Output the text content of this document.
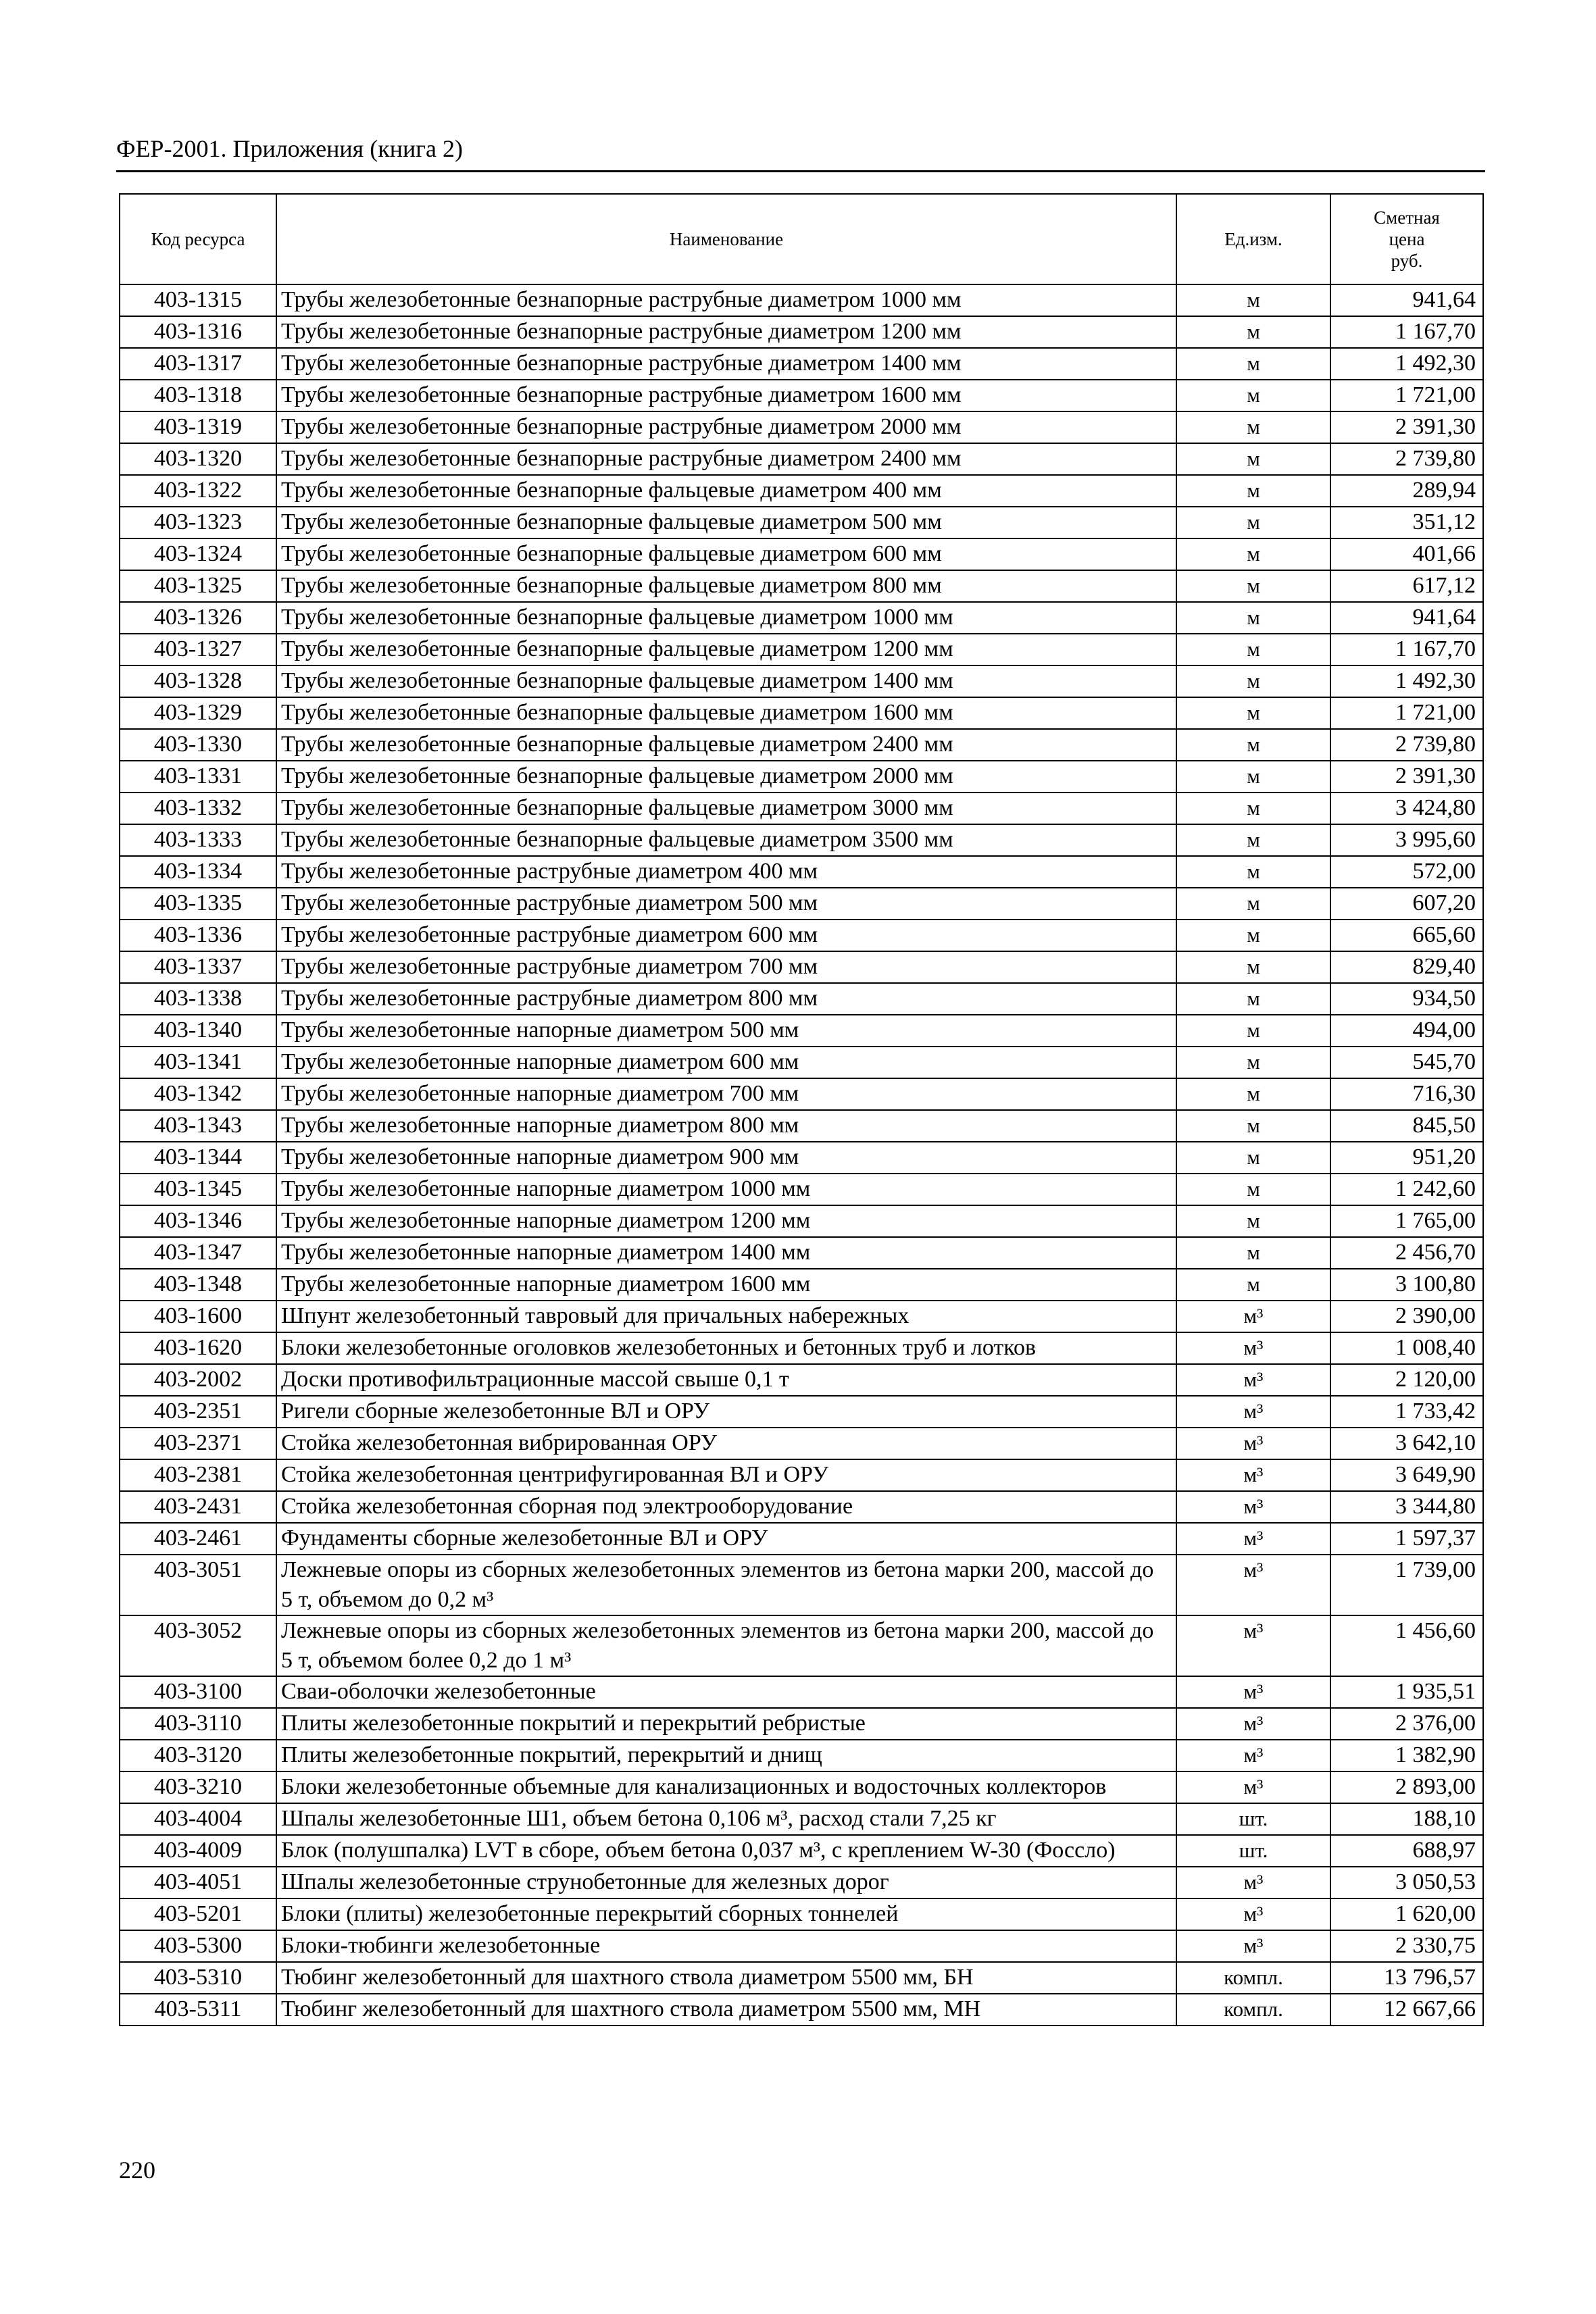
ФЕР-2001. Приложения (книга 2)
Код ресурса	Наименование	Ед.изм.	Сметная
цена
руб.

403-1315	Трубы железобетонные безнапорные раструбные диаметром 1000 мм	м	941,64
403-1316	Трубы железобетонные безнапорные раструбные диаметром 1200 мм	м	1 167,70
403-1317	Трубы железобетонные безнапорные раструбные диаметром 1400 мм	м	1 492,30
403-1318	Трубы железобетонные безнапорные раструбные диаметром 1600 мм	м	1 721,00
403-1319	Трубы железобетонные безнапорные раструбные диаметром 2000 мм	м	2 391,30
403-1320	Трубы железобетонные безнапорные раструбные диаметром 2400 мм	м	2 739,80
403-1322	Трубы железобетонные безнапорные фальцевые диаметром 400 мм	м	289,94
403-1323	Трубы железобетонные безнапорные фальцевые диаметром 500 мм	м	351,12
403-1324	Трубы железобетонные безнапорные фальцевые диаметром 600 мм	м	401,66
403-1325	Трубы железобетонные безнапорные фальцевые диаметром 800 мм	м	617,12
403-1326	Трубы железобетонные безнапорные фальцевые диаметром 1000 мм	м	941,64
403-1327	Трубы железобетонные безнапорные фальцевые диаметром 1200 мм	м	1 167,70
403-1328	Трубы железобетонные безнапорные фальцевые диаметром 1400 мм	м	1 492,30
403-1329	Трубы железобетонные безнапорные фальцевые диаметром 1600 мм	м	1 721,00
403-1330	Трубы железобетонные безнапорные фальцевые диаметром 2400 мм	м	2 739,80
403-1331	Трубы железобетонные безнапорные фальцевые диаметром 2000 мм	м	2 391,30
403-1332	Трубы железобетонные безнапорные фальцевые диаметром 3000 мм	м	3 424,80
403-1333	Трубы железобетонные безнапорные фальцевые диаметром 3500 мм	м	3 995,60
403-1334	Трубы железобетонные раструбные диаметром 400 мм	м	572,00
403-1335	Трубы железобетонные раструбные диаметром 500 мм	м	607,20
403-1336	Трубы железобетонные раструбные диаметром 600 мм	м	665,60
403-1337	Трубы железобетонные раструбные диаметром 700 мм	м	829,40
403-1338	Трубы железобетонные раструбные диаметром 800 мм	м	934,50
403-1340	Трубы железобетонные напорные диаметром 500 мм	м	494,00
403-1341	Трубы железобетонные напорные диаметром 600 мм	м	545,70
403-1342	Трубы железобетонные напорные диаметром 700 мм	м	716,30
403-1343	Трубы железобетонные напорные диаметром 800 мм	м	845,50
403-1344	Трубы железобетонные напорные диаметром 900 мм	м	951,20
403-1345	Трубы железобетонные напорные диаметром 1000 мм	м	1 242,60
403-1346	Трубы железобетонные напорные диаметром 1200 мм	м	1 765,00
403-1347	Трубы железобетонные напорные диаметром 1400 мм	м	2 456,70
403-1348	Трубы железобетонные напорные диаметром 1600 мм	м	3 100,80
403-1600	Шпунт железобетонный тавровый для причальных набережных	м³	2 390,00
403-1620	Блоки железобетонные оголовков железобетонных и бетонных труб и лотков	м³	1 008,40
403-2002	Доски противофильтрационные массой свыше 0,1 т	м³	2 120,00
403-2351	Ригели сборные железобетонные ВЛ и ОРУ	м³	1 733,42
403-2371	Стойка железобетонная вибрированная ОРУ	м³	3 642,10
403-2381	Стойка железобетонная центрифугированная ВЛ и ОРУ	м³	3 649,90
403-2431	Стойка железобетонная сборная под электрооборудование	м³	3 344,80
403-2461	Фундаменты сборные железобетонные ВЛ и ОРУ	м³	1 597,37
403-3051	Лежневые опоры из сборных железобетонных элементов из бетона марки 200, массой до 5 т, объемом до 0,2 м³	м³	1 739,00
403-3052	Лежневые опоры из сборных железобетонных элементов из бетона марки 200, массой до 5 т, объемом более 0,2 до 1 м³	м³	1 456,60
403-3100	Сваи-оболочки железобетонные	м³	1 935,51
403-3110	Плиты железобетонные покрытий и перекрытий ребристые	м³	2 376,00
403-3120	Плиты железобетонные покрытий, перекрытий и днищ	м³	1 382,90
403-3210	Блоки железобетонные объемные для канализационных и водосточных коллекторов	м³	2 893,00
403-4004	Шпалы железобетонные Ш1, объем бетона 0,106 м³, расход стали 7,25 кг	шт.	188,10
403-4009	Блок (полушпалка) LVT в сборе, объем бетона 0,037 м³, с креплением W-30 (Фоссло)	шт.	688,97
403-4051	Шпалы железобетонные струнобетонные для железных дорог	м³	3 050,53
403-5201	Блоки (плиты) железобетонные перекрытий сборных тоннелей	м³	1 620,00
403-5300	Блоки-тюбинги железобетонные	м³	2 330,75
403-5310	Тюбинг железобетонный для шахтного ствола диаметром 5500 мм, БН	компл.	13 796,57
403-5311	Тюбинг железобетонный для шахтного ствола диаметром 5500 мм, МН	компл.	12 667,66
220
